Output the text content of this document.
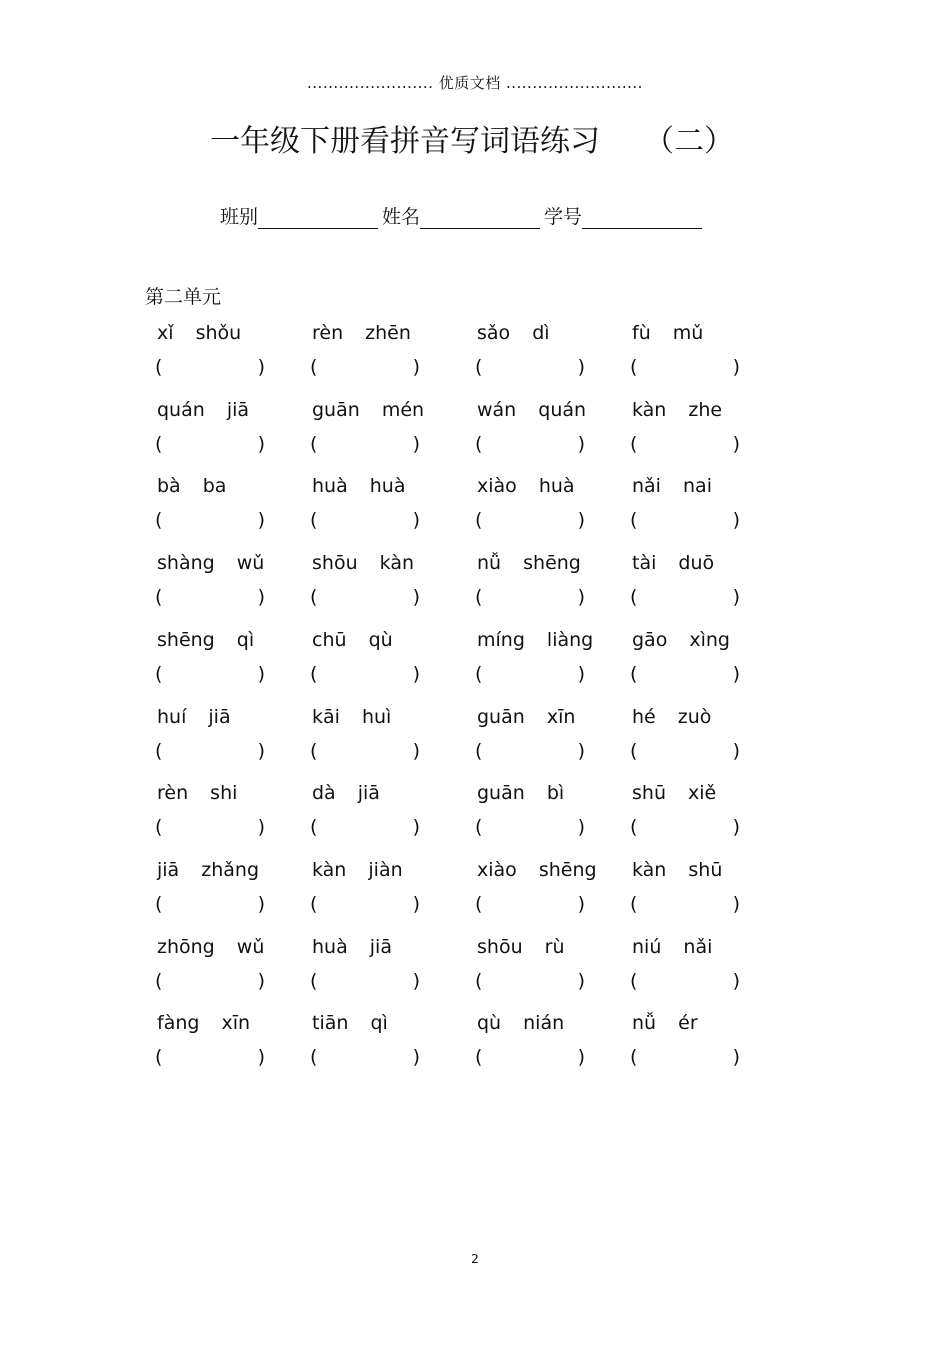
........................ 优质文档 ..........................
一年级下册看拼音写词语练习 （二）
班别	姓名	学号
第二单元
xǐ shǒu	rèn zhēn	sǎo dì	fù mǔ
(	) (	)	(	) (	)
quán jiā	guān mén	wán quán	kàn zhe
(	) (	)	(	) (	)
bà ba	huà huà	xiào huà	nǎi nai
(	) (	)	(	) (	)
shàng wǔ	shōu kàn	nǚ shēng	tài duō
(	) (	)	(	) (	)
shēng qì	chū qù	míng liàng	gāo xìng
(	) (	)	(	) (	)
huí jiā	kāi huì	guān xīn	hé zuò
(	) (	)	(	) (	)
rèn shi	dà jiā	guān bì	shū xiě
(	) (	)	(	) (	)
jiā zhǎng	kàn jiàn	xiào shēng	kàn shū
(	) (	)	(	) (	)
zhōng wǔ	huà jiā	shōu rù	niú nǎi
(	) (	)	(	) (	)
fàng xīn	tiān qì	qù nián	nǚ ér
(	) (	)	(	) (	)
2
